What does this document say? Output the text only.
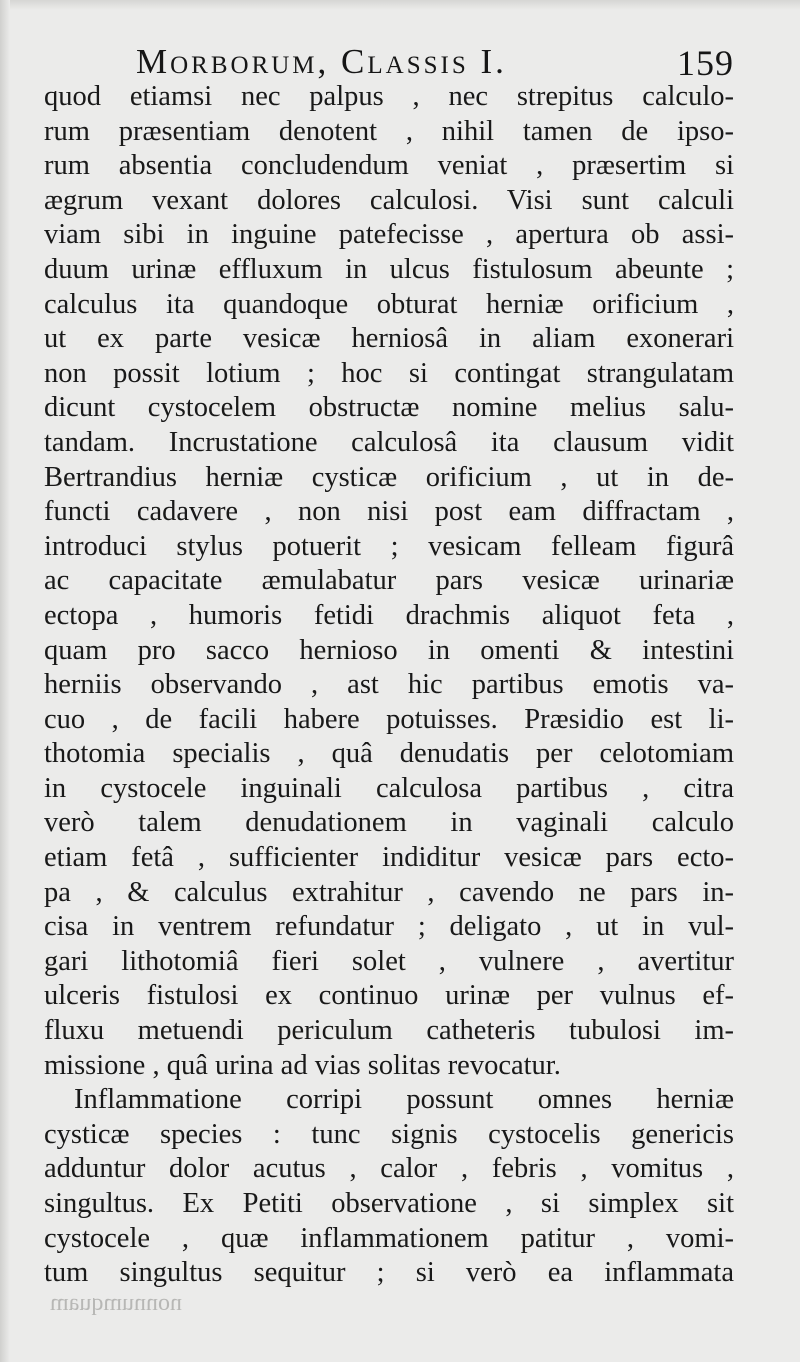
Morborum, Classis I.	159
quod etiamsi nec palpus , nec strepitus calculo-
rum præsentiam denotent , nihil tamen de ipso-
rum absentia concludendum veniat , præsertim si
ægrum vexant dolores calculosi. Visi sunt calculi
viam sibi in inguine patefecisse , apertura ob assi-
duum urinæ effluxum in ulcus fistulosum abeunte ;
calculus ita quandoque obturat herniæ orificium ,
ut ex parte vesicæ herniosâ in aliam exonerari
non possit lotium ; hoc si contingat strangulatam
dicunt cystocelem obstructæ nomine melius salu-
tandam. Incrustatione calculosâ ita clausum vidit
Bertrandius herniæ cysticæ orificium , ut in de-
functi cadavere , non nisi post eam diffractam ,
introduci stylus potuerit ; vesicam felleam figurâ
ac capacitate æmulabatur pars vesicæ urinariæ
ectopa , humoris fetidi drachmis aliquot feta ,
quam pro sacco hernioso in omenti & intestini
herniis observando , ast hic partibus emotis va-
cuo , de facili habere potuisses. Præsidio est li-
thotomia specialis , quâ denudatis per celotomiam
in cystocele inguinali calculosa partibus , citra
verò talem denudationem in vaginali calculo
etiam fetâ , sufficienter indiditur vesicæ pars ecto-
pa , & calculus extrahitur , cavendo ne pars in-
cisa in ventrem refundatur ; deligato , ut in vul-
gari lithotomiâ fieri solet , vulnere , avertitur
ulceris fistulosi ex continuo urinæ per vulnus ef-
fluxu metuendi periculum catheteris tubulosi im-
missione , quâ urina ad vias solitas revocatur.
Inflammatione corripi possunt omnes herniæ
cysticæ species : tunc signis cystocelis genericis
adduntur dolor acutus , calor , febris , vomitus ,
singultus. Ex Petiti observatione , si simplex sit
cystocele , quæ inflammationem patitur , vomi-
tum singultus sequitur ; si verò ea inflammata
nonnumquam
